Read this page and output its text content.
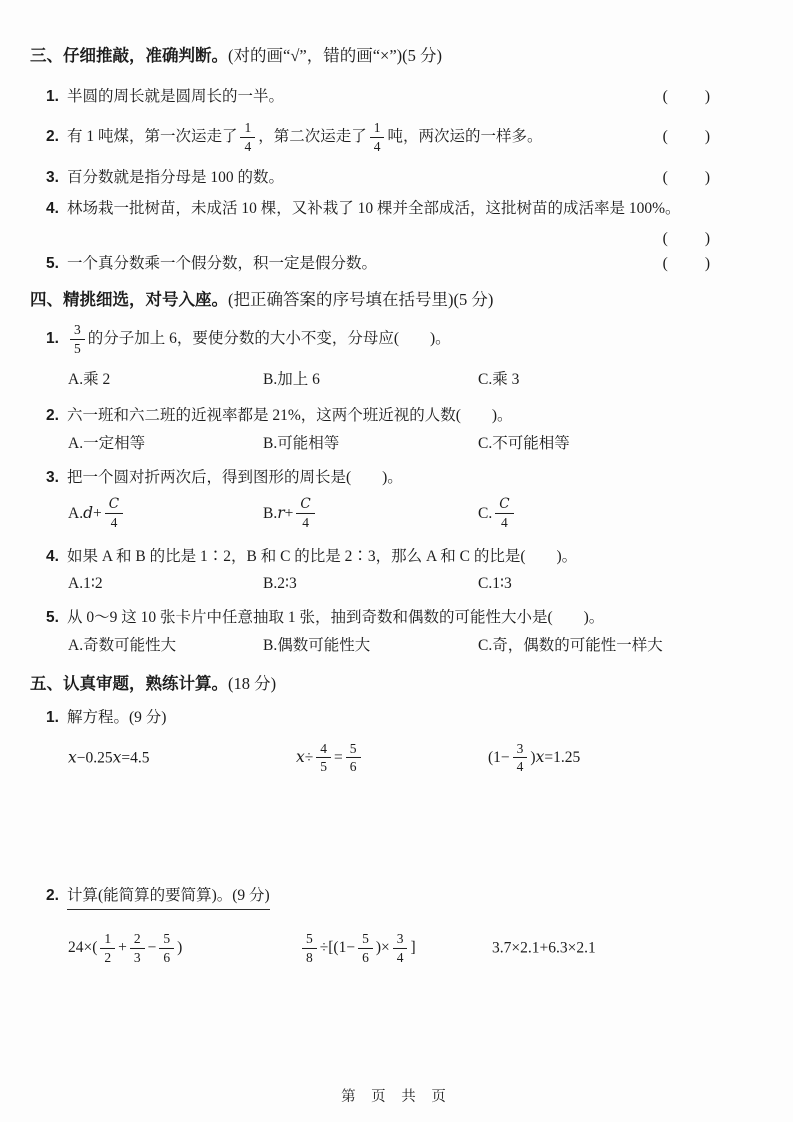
三、仔细推敲，准确判断。(对的画“√”，错的画“×”)(5 分)
1. 半圆的周长就是圆周长的一半。	(　　)
2. 有 1 吨煤，第一次运走了 $\frac{1}{4}$ ，第二次运走了 $\frac{1}{4}$ 吨，两次运的一样多。	(　　)
3. 百分数就是指分母是 100 的数。	(　　)
4. 林场栽一批树苗，未成活 10 棵，又补栽了 10 棵并全部成活，这批树苗的成活率是 100%。
(　　)
5. 一个真分数乘一个假分数，积一定是假分数。	(　　)
四、精挑细选，对号入座。(把正确答案的序号填在括号里)(5 分)
1. $\frac{3}{5}$ 的分子加上 6，要使分数的大小不变，分母应(　　)。
A.乘 2	B.加上 6	C.乘 3
2. 六一班和六二班的近视率都是 21%，这两个班近视的人数(　　)。
A.一定相等	B.可能相等	C.不可能相等
3. 把一个圆对折两次后，得到图形的周长是(　　)。
A. $d + \frac{C}{4}$	B. $r + \frac{C}{4}$	C. $\frac{C}{4}$
4. 如果 A 和 B 的比是 1∶2，B 和 C 的比是 2∶3，那么 A 和 C 的比是(　　)。
A.1∶2	B.2∶3	C.1∶3
5. 从 0～9 这 10 张卡片中任意抽取 1 张，抽到奇数和偶数的可能性大小是(　　)。
A.奇数可能性大	B.偶数可能性大	C.奇，偶数的可能性一样大
五、认真审题，熟练计算。(18 分)
1. 解方程。(9 分)
x −0.25 x =4.5	$x \div \frac{4}{5} = \frac{5}{6}$	($1- \frac{3}{4}$ ) x =1.25
2. 计算(能简算的要简算)。(9 分)
$24\times( \frac{1}{2} + \frac{2}{3} - \frac{5}{6}$ )	$\frac{5}{8} \div[(1- \frac{5}{6}$ )× $\frac{3}{4}$ ]	3.7×2.1+6.3×2.1
第 页 共 页
